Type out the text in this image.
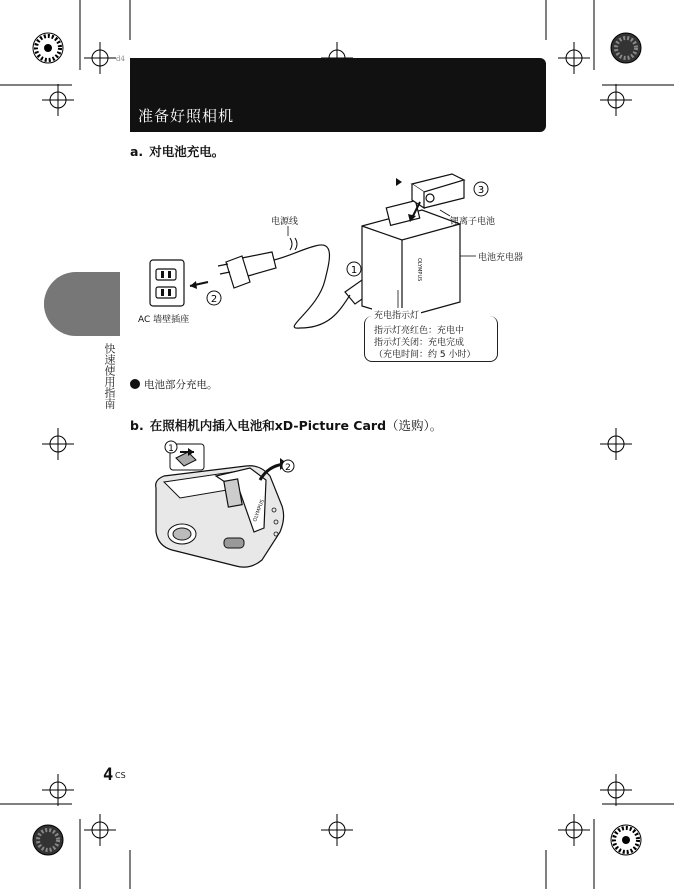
d4
准备好照相机
快速使用指南
a. 对电池充电。
OLYMPUS
1
2
3
电源线
AC 墙壁插座
锂离子电池
电池充电器
充电指示灯
指示灯亮红色：充电中
指示灯关闭：充电完成
（充电时间：约 5 小时）
电池部分充电。
b. 在照相机内插入电池和xD-Picture Card（选购）。
OLYMPUS
1
2
4 CS
